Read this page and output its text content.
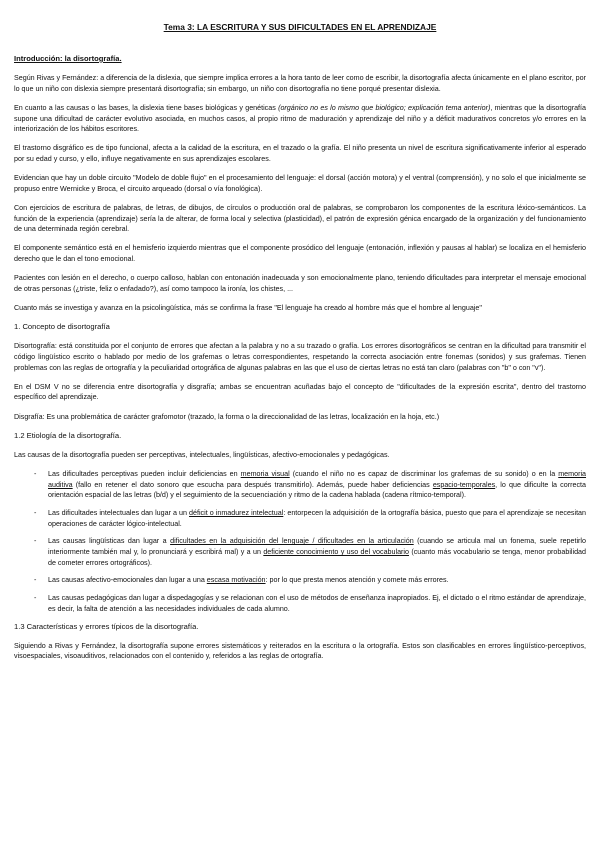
Tema 3: LA ESCRITURA Y SUS DIFICULTADES EN EL APRENDIZAJE

Introducción: la disortografía.

Según Rivas y Fernández: a diferencia de la dislexia, que siempre implica errores a la hora tanto de leer como de escribir, la disortografía afecta únicamente en el plano escritor, por lo que un niño con dislexia siempre presentará disortografía; sin embargo, un niño con disortografía no tiene porqué presentar dislexia.

En cuanto a las causas o las bases, la dislexia tiene bases biológicas y genéticas (orgánico no es lo mismo que biológico; explicación tema anterior), mientras que la disortografía supone una dificultad de carácter evolutivo asociada, en muchos casos, al propio ritmo de maduración y aprendizaje del niño y a déficit madurativos concretos y/o errores en la interiorización de los hábitos escritores.

El trastorno disgráfico es de tipo funcional, afecta a la calidad de la escritura, en el trazado o la grafía. El niño presenta un nivel de escritura significativamente inferior al esperado por su edad y curso, y ello, influye negativamente en sus aprendizajes escolares.

Evidencian que hay un doble circuito "Modelo de doble flujo" en el procesamiento del lenguaje: el dorsal (acción motora) y el ventral (comprensión), y no solo el que inicialmente se propuso entre Wernicke y Broca, el circuito arqueado (dorsal o vía fonológica).

Con ejercicios de escritura de palabras, de letras, de dibujos, de círculos o producción oral de palabras, se comprobaron los componentes de la escritura léxico-semánticos. La función de la experiencia (aprendizaje) sería la de alterar, de forma local y selectiva (plasticidad), el patrón de expresión génica encargado de la organización y del funcionamiento de una determinada región cerebral.

El componente semántico está en el hemisferio izquierdo mientras que el componente prosódico del lenguaje (entonación, inflexión y pausas al hablar) se localiza en el hemisferio derecho que le dan el tono emocional.

Pacientes con lesión en el derecho, o cuerpo calloso, hablan con entonación inadecuada y son emocionalmente plano, teniendo dificultades para interpretar el mensaje emocional de otras personas (¿triste, feliz o enfadado?), así como tampoco la ironía, los chistes, ...

Cuanto más se investiga y avanza en la psicolingüística, más se confirma la frase "El lenguaje ha creado al hombre más que el hombre al lenguaje"

1. Concepto de disortografía

Disortografía: está constituida por el conjunto de errores que afectan a la palabra y no a su trazado o grafía. Los errores disortográficos se centran en la dificultad para transmitir el código lingüístico escrito o hablado por medio de los grafemas o letras correspondientes, respetando la correcta asociación entre fonemas (sonidos) y sus grafemas. Tienen problemas con las reglas de ortografía y la peculiaridad ortográfica de algunas palabras en las que el uso de ciertas letras no está tan claro (palabras con "b" o con "v").

En el DSM V no se diferencia entre disortografía y disgrafía; ambas se encuentran acuñadas bajo el concepto de "dificultades de la expresión escrita", dentro del trastorno específico del aprendizaje.

Disgrafía: Es una problemática de carácter grafomotor (trazado, la forma o la direccionalidad de las letras, localización en la hoja, etc.)

1.2 Etiología de la disortografía.

Las causas de la disortografía pueden ser perceptivas, intelectuales, lingüísticas, afectivo-emocionales y pedagógicas.

- Las dificultades perceptivas pueden incluir deficiencias en memoria visual (cuando el niño no es capaz de discriminar los grafemas de su sonido) o en la memoria auditiva (fallo en retener el dato sonoro que escucha para después transmitirlo). Además, puede haber deficiencias espacio-temporales, lo que dificulte la correcta orientación espacial de las letras (b/d) y el seguimiento de la secuenciación y ritmo de la cadena hablada (cadena rítmico-temporal).
- Las dificultades intelectuales dan lugar a un déficit o inmadurez intelectual: entorpecen la adquisición de la ortografía básica, puesto que para el aprendizaje se necesitan operaciones de carácter lógico-intelectual.
- Las causas lingüísticas dan lugar a dificultades en la adquisición del lenguaje / dificultades en la articulación (cuando se articula mal un fonema, suele repetirlo interiormente también mal y, lo pronunciará y escribirá mal) y a un deficiente conocimiento y uso del vocabulario (cuanto más vocabulario se tenga, menor probabilidad de cometer errores ortográficos).
- Las causas afectivo-emocionales dan lugar a una escasa motivación: por lo que presta menos atención y comete más errores.
- Las causas pedagógicas dan lugar a dispedagogías y se relacionan con el uso de métodos de enseñanza inapropiados. Ej, el dictado o el ritmo estándar de aprendizaje, es decir, la falta de atención a las necesidades individuales de cada alumno.

1.3 Características y errores típicos de la disortografía.

Siguiendo a Rivas y Fernández, la disortografía supone errores sistemáticos y reiterados en la escritura o la ortografía. Estos son clasificables en errores lingüístico-perceptivos, visoespaciales, visoauditivos, relacionados con el contenido y, referidos a las reglas de ortografía.
